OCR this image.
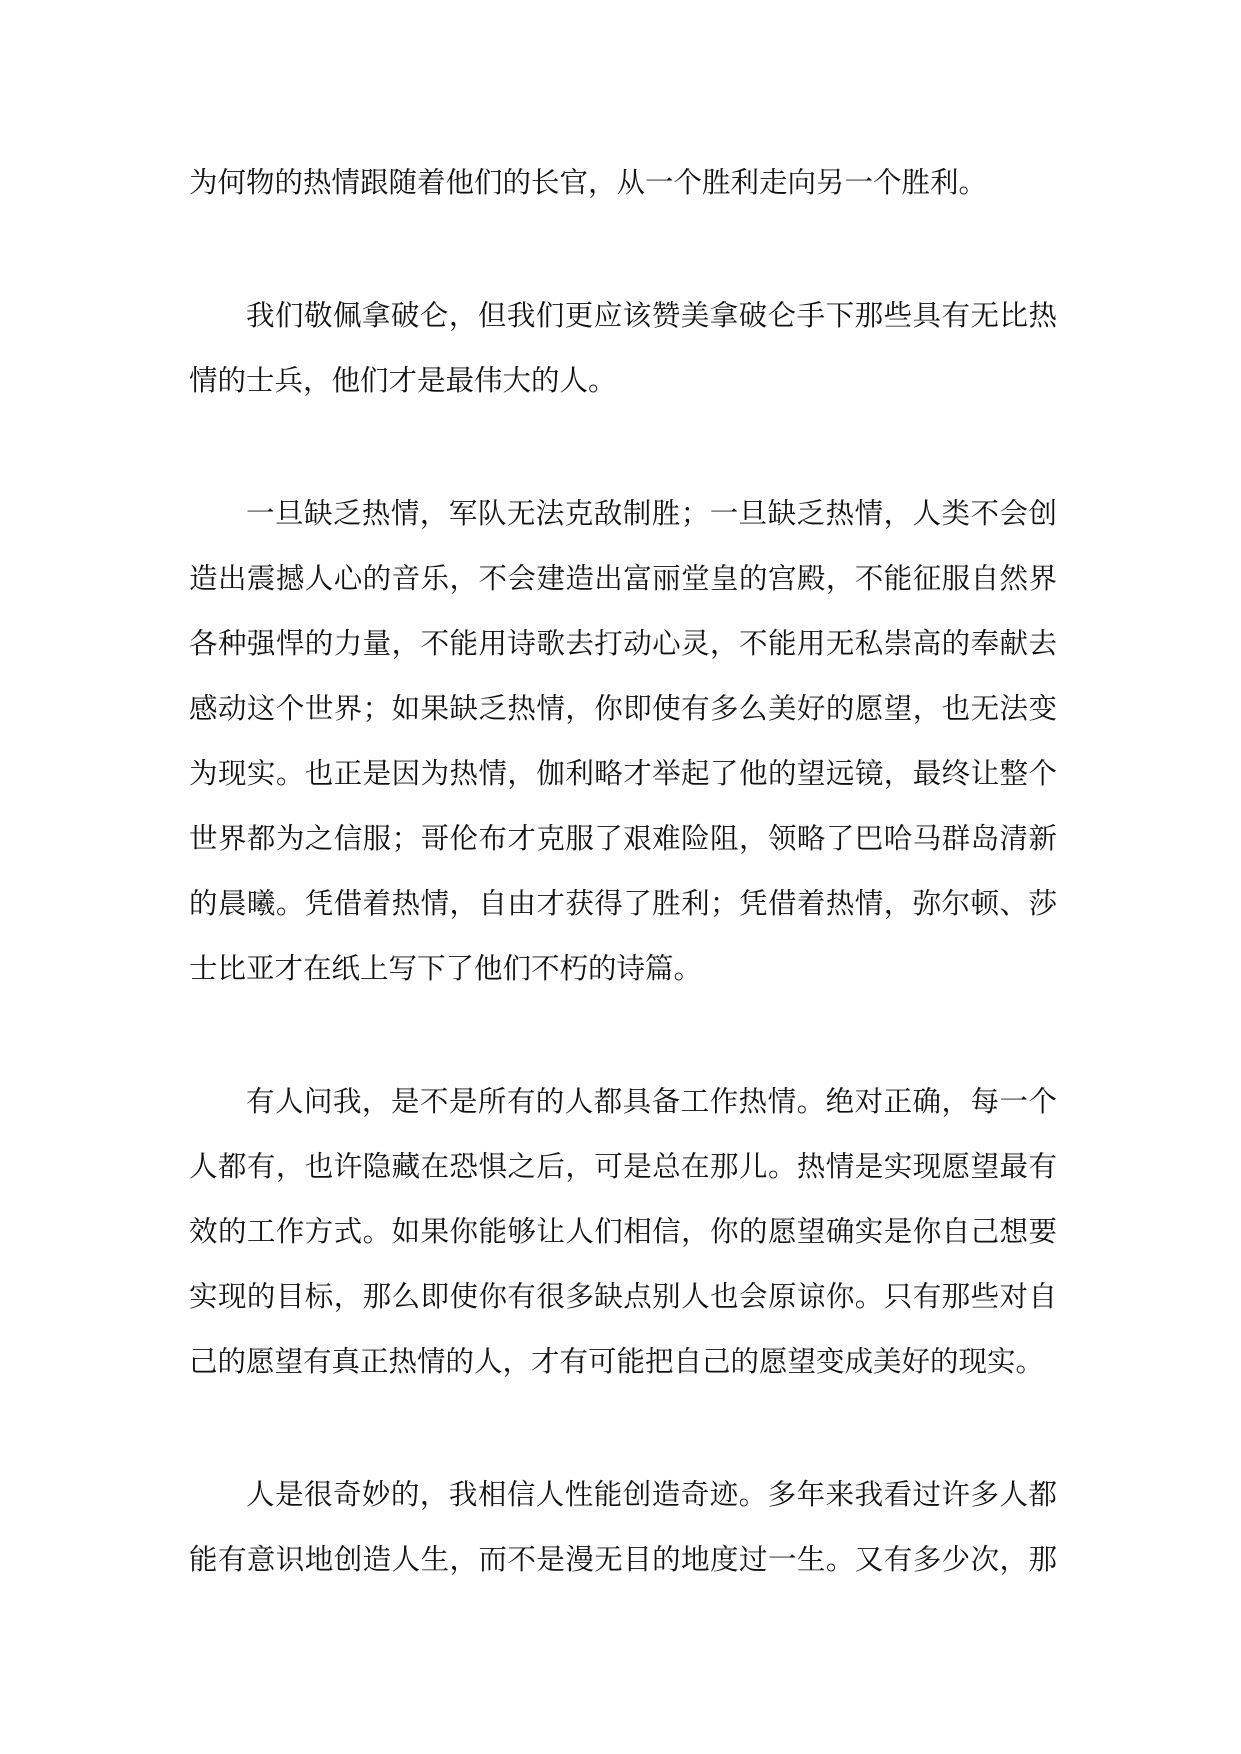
为何物的热情跟随着他们的长官，从一个胜利走向另一个胜利。
我们敬佩拿破仑，但我们更应该赞美拿破仑手下那些具有无比热
情的士兵，他们才是最伟大的人。
一旦缺乏热情，军队无法克敌制胜；一旦缺乏热情，人类不会创
造出震撼人心的音乐，不会建造出富丽堂皇的宫殿，不能征服自然界
各种强悍的力量，不能用诗歌去打动心灵，不能用无私崇高的奉献去
感动这个世界；如果缺乏热情，你即使有多么美好的愿望，也无法变
为现实。也正是因为热情，伽利略才举起了他的望远镜，最终让整个
世界都为之信服；哥伦布才克服了艰难险阻，领略了巴哈马群岛清新
的晨曦。凭借着热情，自由才获得了胜利；凭借着热情，弥尔顿、莎
士比亚才在纸上写下了他们不朽的诗篇。
有人问我，是不是所有的人都具备工作热情。绝对正确，每一个
人都有，也许隐藏在恐惧之后，可是总在那儿。热情是实现愿望最有
效的工作方式。如果你能够让人们相信，你的愿望确实是你自己想要
实现的目标，那么即使你有很多缺点别人也会原谅你。只有那些对自
己的愿望有真正热情的人，才有可能把自己的愿望变成美好的现实。
人是很奇妙的，我相信人性能创造奇迹。多年来我看过许多人都
能有意识地创造人生，而不是漫无目的地度过一生。又有多少次，那
